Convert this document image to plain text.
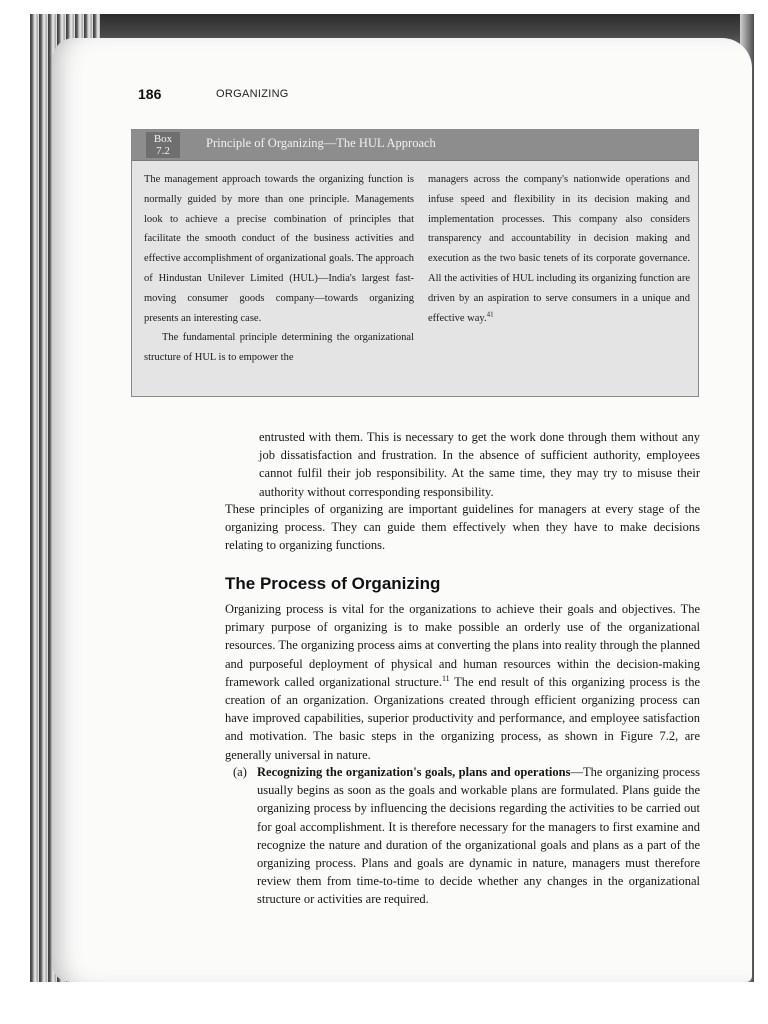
186	ORGANIZING
Box 7.2
Principle of Organizing—The HUL Approach

The management approach towards the organizing function is normally guided by more than one principle. Managements look to achieve a precise combination of principles that facilitate the smooth conduct of the business activities and effective accomplishment of organizational goals. The approach of Hindustan Unilever Limited (HUL)—India's largest fast-moving consumer goods company—towards organizing presents an interesting case.

The fundamental principle determining the organizational structure of HUL is to empower the

managers across the company's nationwide operations and infuse speed and flexibility in its decision making and implementation processes. This company also considers transparency and accountability in decision making and execution as the two basic tenets of its corporate governance. All the activities of HUL including its organizing function are driven by an aspiration to serve consumers in a unique and effective way.$^{41}$

entrusted with them. This is necessary to get the work done through them without any job dissatisfaction and frustration. In the absence of sufficient authority, employees cannot fulfil their job responsibility. At the same time, they may try to misuse their authority without corresponding responsibility.
These principles of organizing are important guidelines for managers at every stage of the organizing process. They can guide them effectively when they have to make decisions relating to organizing functions.
The Process of Organizing
Organizing process is vital for the organizations to achieve their goals and objectives. The primary purpose of organizing is to make possible an orderly use of the organizational resources. The organizing process aims at converting the plans into reality through the planned and purposeful deployment of physical and human resources within the decision-making framework called organizational structure.$^{11}$ The end result of this organizing process is the creation of an organization. Organizations created through efficient organizing process can have improved capabilities, superior productivity and performance, and employee satisfaction and motivation. The basic steps in the organizing process, as shown in Figure 7.2, are generally universal in nature.
(a) Recognizing the organization's goals, plans and operations—The organizing process usually begins as soon as the goals and workable plans are formulated. Plans guide the organizing process by influencing the decisions regarding the activities to be carried out for goal accomplishment. It is therefore necessary for the managers to first examine and recognize the nature and duration of the organizational goals and plans as a part of the organizing process. Plans and goals are dynamic in nature, managers must therefore review them from time-to-time to decide whether any changes in the organizational structure or activities are required.
